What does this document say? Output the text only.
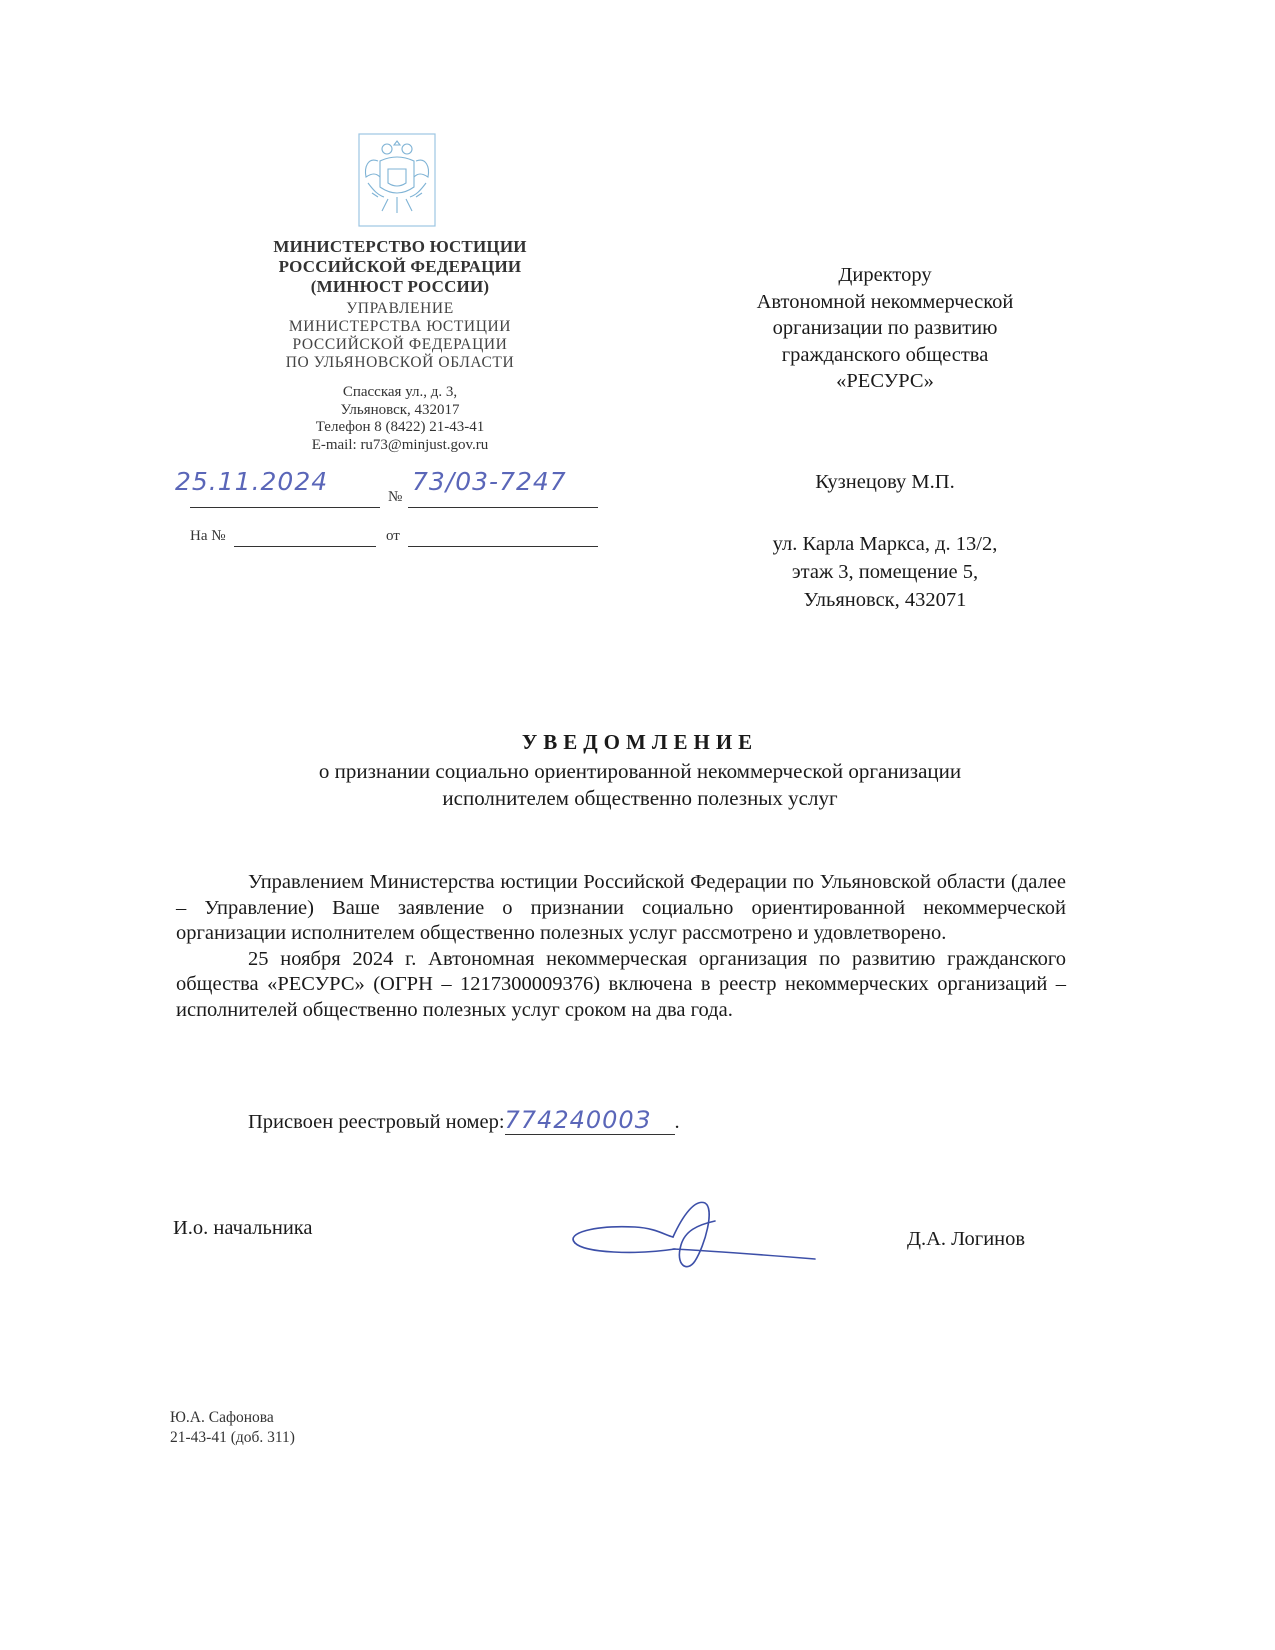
МИНИСТЕРСТВО ЮСТИЦИИ
РОССИЙСКОЙ ФЕДЕРАЦИИ
(МИНЮСТ РОССИИ)
УПРАВЛЕНИЕ
МИНИСТЕРСТВА ЮСТИЦИИ
РОССИЙСКОЙ ФЕДЕРАЦИИ
ПО УЛЬЯНОВСКОЙ ОБЛАСТИ
Спасская ул., д. 3,
Ульяновск, 432017
Телефон 8 (8422) 21-43-41
E-mail: ru73@minjust.gov.ru
25.11.2024
№
73/03-7247
На №	от
Директору
Автономной некоммерческой
организации по развитию
гражданского общества
«РЕСУРС»
Кузнецову М.П.
ул. Карла Маркса, д. 13/2,
этаж 3, помещение 5,
Ульяновск, 432071
УВЕДОМЛЕНИЕ
о признании социально ориентированной некоммерческой организации
исполнителем общественно полезных услуг

Управлением Министерства юстиции Российской Федерации по Ульяновской области (далее – Управление) Ваше заявление о признании социально ориентированной некоммерческой организации исполнителем общественно полезных услуг рассмотрено и удовлетворено.

25 ноября 2024 г. Автономная некоммерческая организация по развитию гражданского общества «РЕСУРС» (ОГРН – 1217300009376) включена в реестр некоммерческих организаций – исполнителей общественно полезных услуг сроком на два года.

Присвоен реестровый номер:77424000З .
И.о. начальника	Д.А. Логинов
Ю.А. Сафонова
21-43-41 (доб. 311)
